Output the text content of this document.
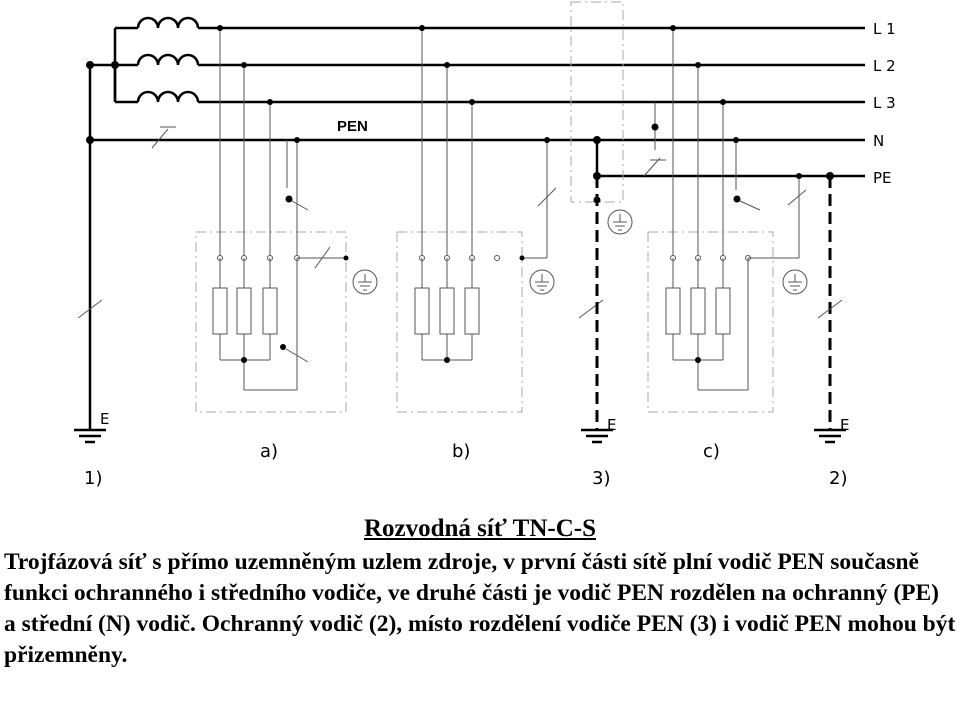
L 1
L 2
L 3
N
PE
PEN
E
1)
E
3)
E
2)
a)	b)	c)

Rozvodná síť TN-C-S

Trojfázová síť s přímo uzemněným uzlem zdroje, v první části sítě plní vodič PEN současně funkci ochranného i středního vodiče, ve druhé části je vodič PEN rozdělen na ochranný (PE) a střední (N) vodič. Ochranný vodič (2), místo rozdělení vodiče PEN (3) i vodič PEN mohou být přizemněny.
